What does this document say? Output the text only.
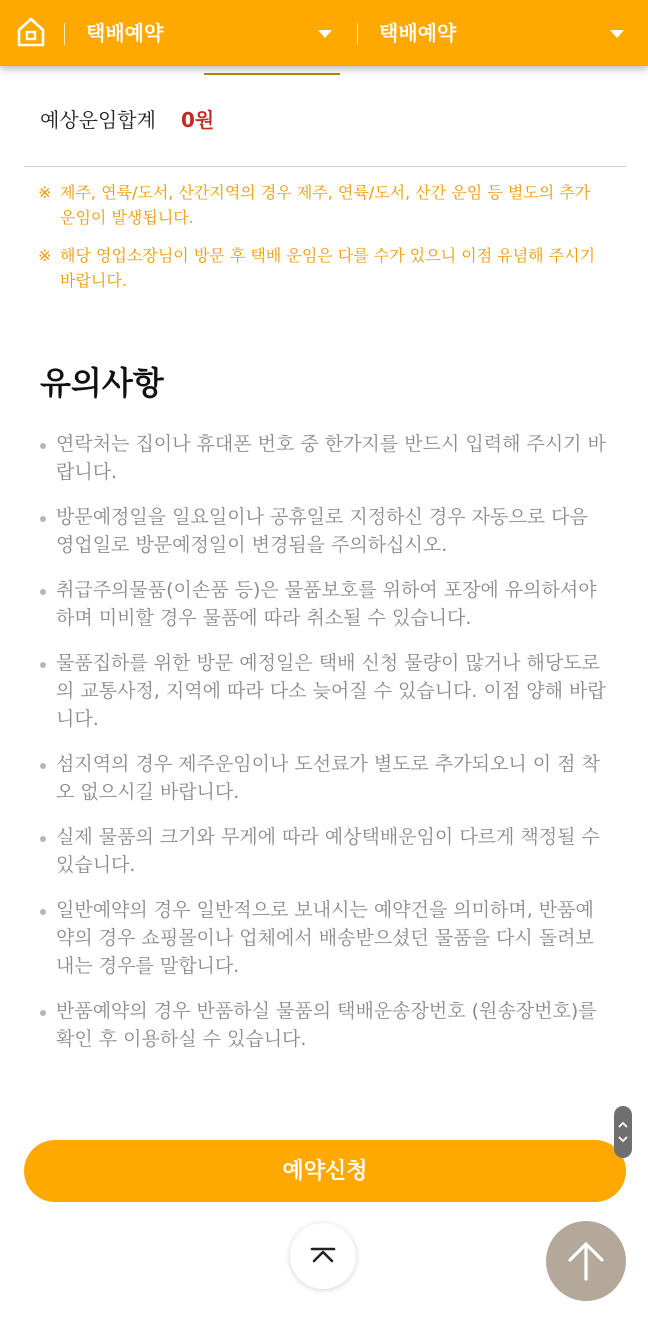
택배예약	택배예약
예상운임합계 0원
※ 제주, 연륙/도서, 산간지역의 경우 제주, 연륙/도서, 산간 운임 등 별도의 추가 운임이 발생됩니다.
※ 해당 영업소장님이 방문 후 택배 운임은 다를 수가 있으니 이점 유념해 주시기 바랍니다.
유의사항
연락처는 집이나 휴대폰 번호 중 한가지를 반드시 입력해 주시기 바랍니다.
방문예정일을 일요일이나 공휴일로 지정하신 경우 자동으로 다음 영업일로 방문예정일이 변경됨을 주의하십시오.
취급주의물품(이손품 등)은 물품보호를 위하여 포장에 유의하셔야 하며 미비할 경우 물품에 따라 취소될 수 있습니다.
물품집하를 위한 방문 예정일은 택배 신청 물량이 많거나 해당도로의 교통사정, 지역에 따라 다소 늦어질 수 있습니다. 이점 양해 바랍니다.
섬지역의 경우 제주운임이나 도선료가 별도로 추가되오니 이 점 착오 없으시길 바랍니다.
실제 물품의 크기와 무게에 따라 예상택배운임이 다르게 책정될 수 있습니다.
일반예약의 경우 일반적으로 보내시는 예약건을 의미하며, 반품예약의 경우 쇼핑몰이나 업체에서 배송받으셨던 물품을 다시 돌려보내는 경우를 말합니다.
반품예약의 경우 반품하실 물품의 택배운송장번호 (원송장번호)를 확인 후 이용하실 수 있습니다.
예약신청
